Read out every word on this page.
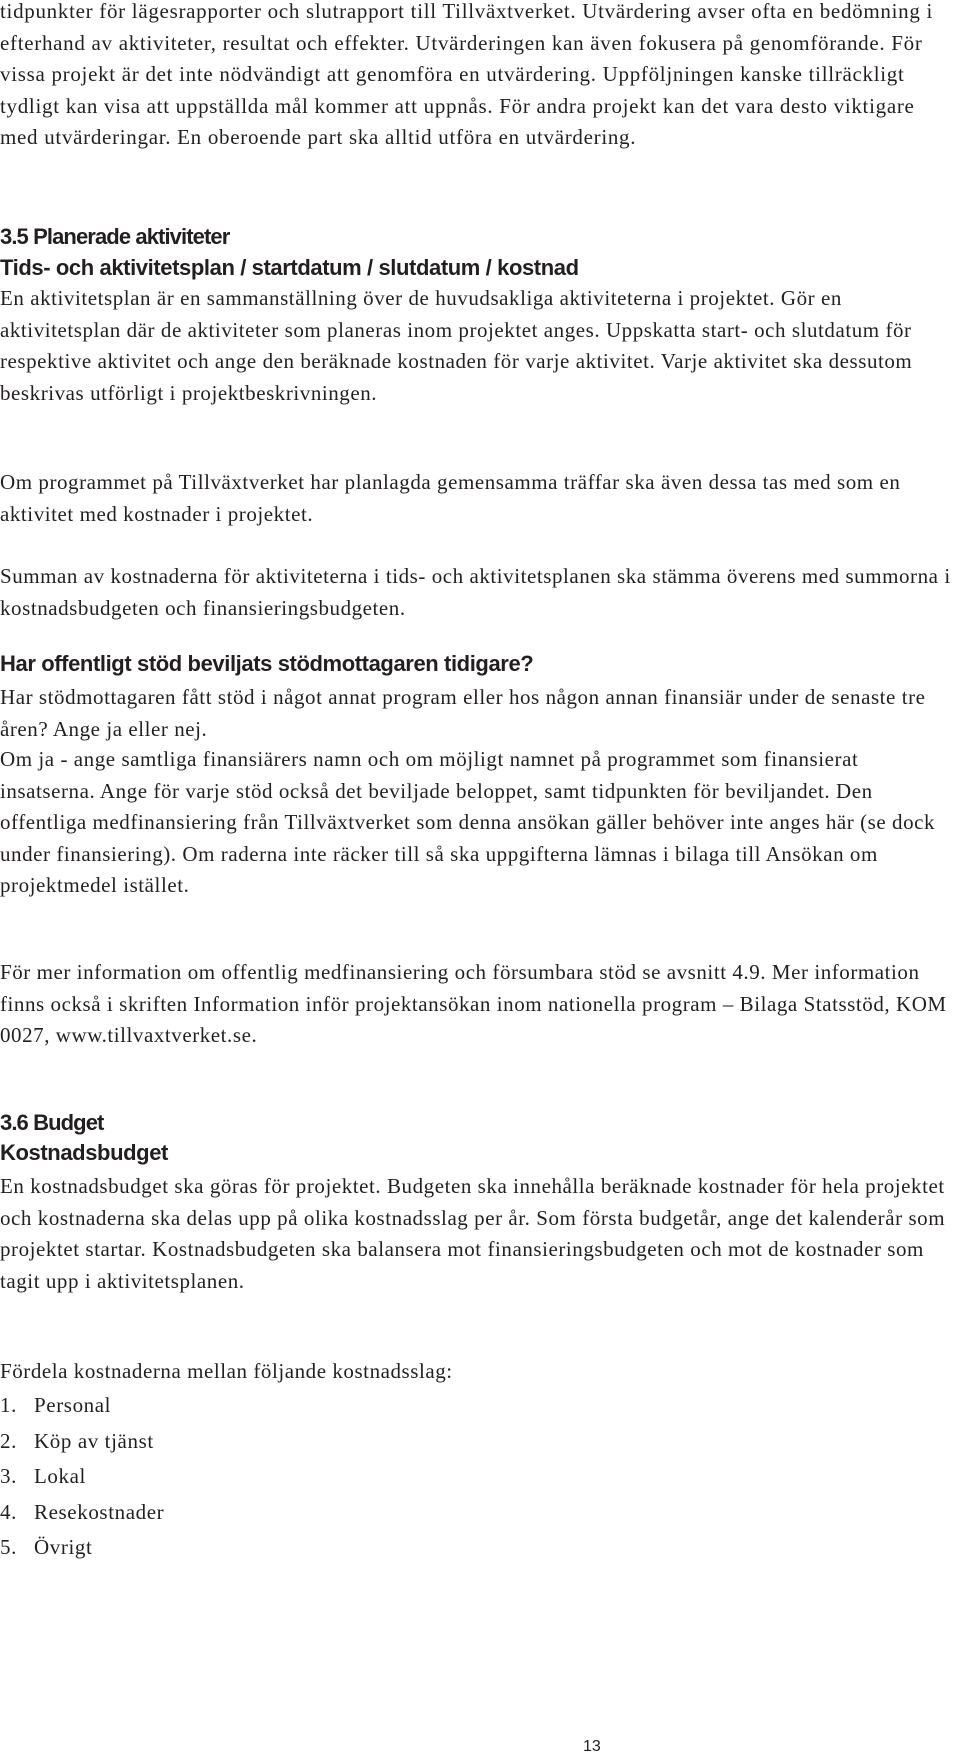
tidpunkter för lägesrapporter och slutrapport till Tillväxtverket. Utvärdering avser ofta en bedömning i efterhand av aktiviteter, resultat och effekter. Utvärderingen kan även fokusera på genomförande. För vissa projekt är det inte nödvändigt att genomföra en utvärdering. Uppföljningen kanske tillräckligt tydligt kan visa att uppställda mål kommer att uppnås. För andra projekt kan det vara desto viktigare med utvärderingar. En oberoende part ska alltid utföra en utvärdering.

3.5 Planerade aktiviteter
Tids- och aktivitetsplan / startdatum / slutdatum / kostnad

En aktivitetsplan är en sammanställning över de huvudsakliga aktiviteterna i projektet. Gör en aktivitetsplan där de aktiviteter som planeras inom projektet anges. Uppskatta start- och slutdatum för respektive aktivitet och ange den beräknade kostnaden för varje aktivitet. Varje aktivitet ska dessutom beskrivas utförligt i projektbeskrivningen.

Om programmet på Tillväxtverket har planlagda gemensamma träffar ska även dessa tas med som en aktivitet med kostnader i projektet.

Summan av kostnaderna för aktiviteterna i tids- och aktivitetsplanen ska stämma överens med summorna i kostnadsbudgeten och finansieringsbudgeten.

Har offentligt stöd beviljats stödmottagaren tidigare?

Har stödmottagaren fått stöd i något annat program eller hos någon annan finansiär under de senaste tre åren? Ange ja eller nej.

Om ja - ange samtliga finansiärers namn och om möjligt namnet på programmet som finansierat insatserna. Ange för varje stöd också det beviljade beloppet, samt tidpunkten för beviljandet. Den offentliga medfinansiering från Tillväxtverket som denna ansökan gäller behöver inte anges här (se dock under finansiering). Om raderna inte räcker till så ska uppgifterna lämnas i bilaga till Ansökan om projektmedel istället.

För mer information om offentlig medfinansiering och försumbara stöd se avsnitt 4.9. Mer information finns också i skriften Information inför projektansökan inom nationella program – Bilaga Statsstöd, KOM 0027, www.tillvaxtverket.se.

3.6 Budget
Kostnadsbudget

En kostnadsbudget ska göras för projektet. Budgeten ska innehålla beräknade kostnader för hela projektet och kostnaderna ska delas upp på olika kostnadsslag per år. Som första budgetår, ange det kalenderår som projektet startar. Kostnadsbudgeten ska balansera mot finansieringsbudgeten och mot de kostnader som tagit upp i aktivitetsplanen.

Fördela kostnaderna mellan följande kostnadsslag:

1. Personal
2. Köp av tjänst
3. Lokal
4. Resekostnader
5. Övrigt
13
